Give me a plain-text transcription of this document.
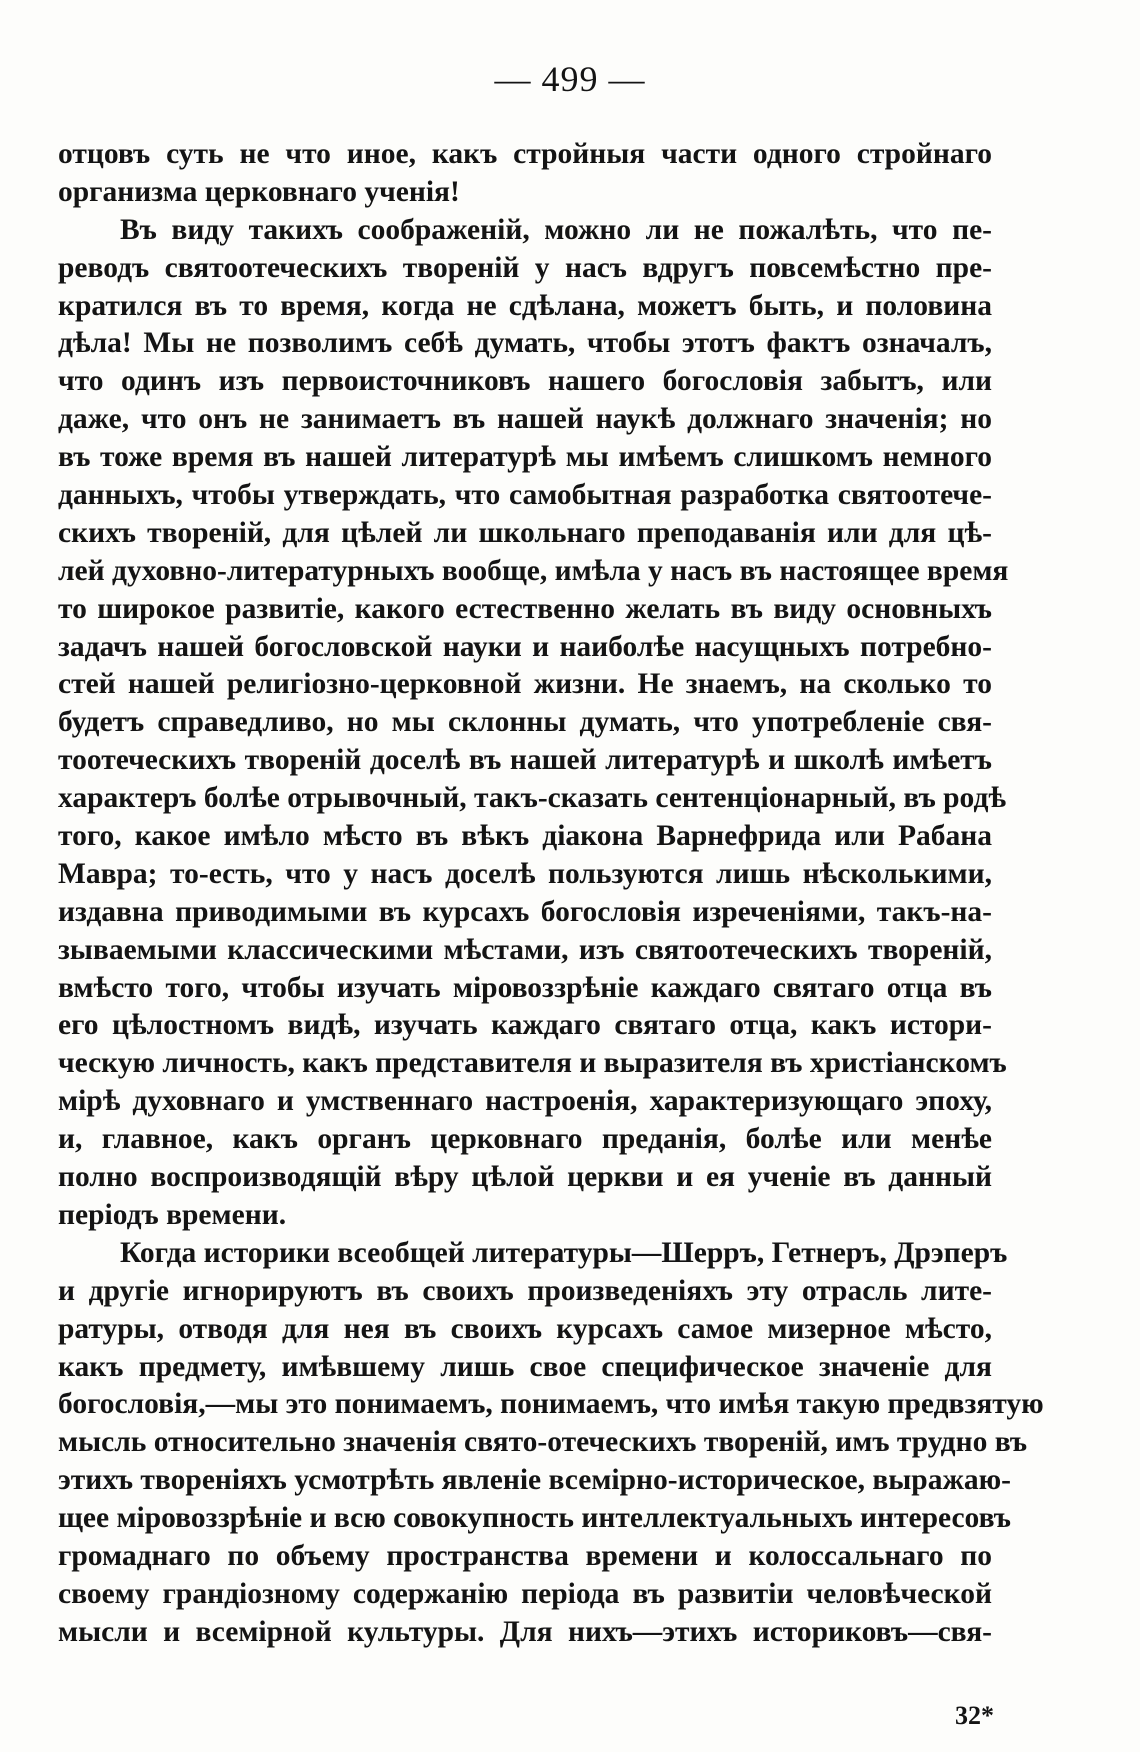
— 499 —
отцовъ суть не что иное, какъ стройныя части одного стройнаго
организма церковнаго ученія!
Въ виду такихъ соображеній, можно ли не пожалѣть, что пе-
реводъ святоотеческихъ твореній у насъ вдругъ повсемѣстно пре-
кратился въ то время, когда не сдѣлана, можетъ быть, и половина
дѣла! Мы не позволимъ себѣ думать, чтобы этотъ фактъ означалъ,
что одинъ изъ первоисточниковъ нашего богословія забытъ, или
даже, что онъ не занимаетъ въ нашей наукѣ должнаго значенія; но
въ тоже время въ нашей литературѣ мы имѣемъ слишкомъ немного
данныхъ, чтобы утверждать, что самобытная разработка святоотече-
скихъ твореній, для цѣлей ли школьнаго преподаванія или для цѣ-
лей духовно-литературныхъ вообще, имѣла у насъ въ настоящее время
то широкое развитіе, какого естественно желать въ виду основныхъ
задачъ нашей богословской науки и наиболѣе насущныхъ потребно-
стей нашей религіозно-церковной жизни. Не знаемъ, на сколько то
будетъ справедливо, но мы склонны думать, что употребленіе свя-
тоотеческихъ твореній доселѣ въ нашей литературѣ и школѣ имѣетъ
характеръ болѣе отрывочный, такъ-сказать сентенціонарный, въ родѣ
того, какое имѣло мѣсто въ вѣкъ діакона Варнефрида или Рабана
Мавра; то-есть, что у насъ доселѣ пользуются лишь нѣсколькими,
издавна приводимыми въ курсахъ богословія изреченіями, такъ-на-
зываемыми классическими мѣстами, изъ святоотеческихъ твореній,
вмѣсто того, чтобы изучать міровоззрѣніе каждаго святаго отца въ
его цѣлостномъ видѣ, изучать каждаго святаго отца, какъ истори-
ческую личность, какъ представителя и выразителя въ христіанскомъ
мірѣ духовнаго и умственнаго настроенія, характеризующаго эпоху,
и, главное, какъ органъ церковнаго преданія, болѣе или менѣе
полно воспроизводящій вѣру цѣлой церкви и ея ученіе въ данный
періодъ времени.
Когда историки всеобщей литературы—Шерръ, Гетнеръ, Дрэперъ
и другіе игнорируютъ въ своихъ произведеніяхъ эту отрасль лите-
ратуры, отводя для нея въ своихъ курсахъ самое мизерное мѣсто,
какъ предмету, имѣвшему лишь свое специфическое значеніе для
богословія,—мы это понимаемъ, понимаемъ, что имѣя такую предвзятую
мысль относительно значенія свято-отеческихъ твореній, имъ трудно въ
этихъ твореніяхъ усмотрѣть явленіе всемірно-историческое, выражаю-
щее міровоззрѣніе и всю совокупность интеллектуальныхъ интересовъ
громаднаго по объему пространства времени и колоссальнаго по
своему грандіозному содержанію періода въ развитіи человѣческой
мысли и всемірной культуры. Для нихъ—этихъ историковъ—свя-
32*
